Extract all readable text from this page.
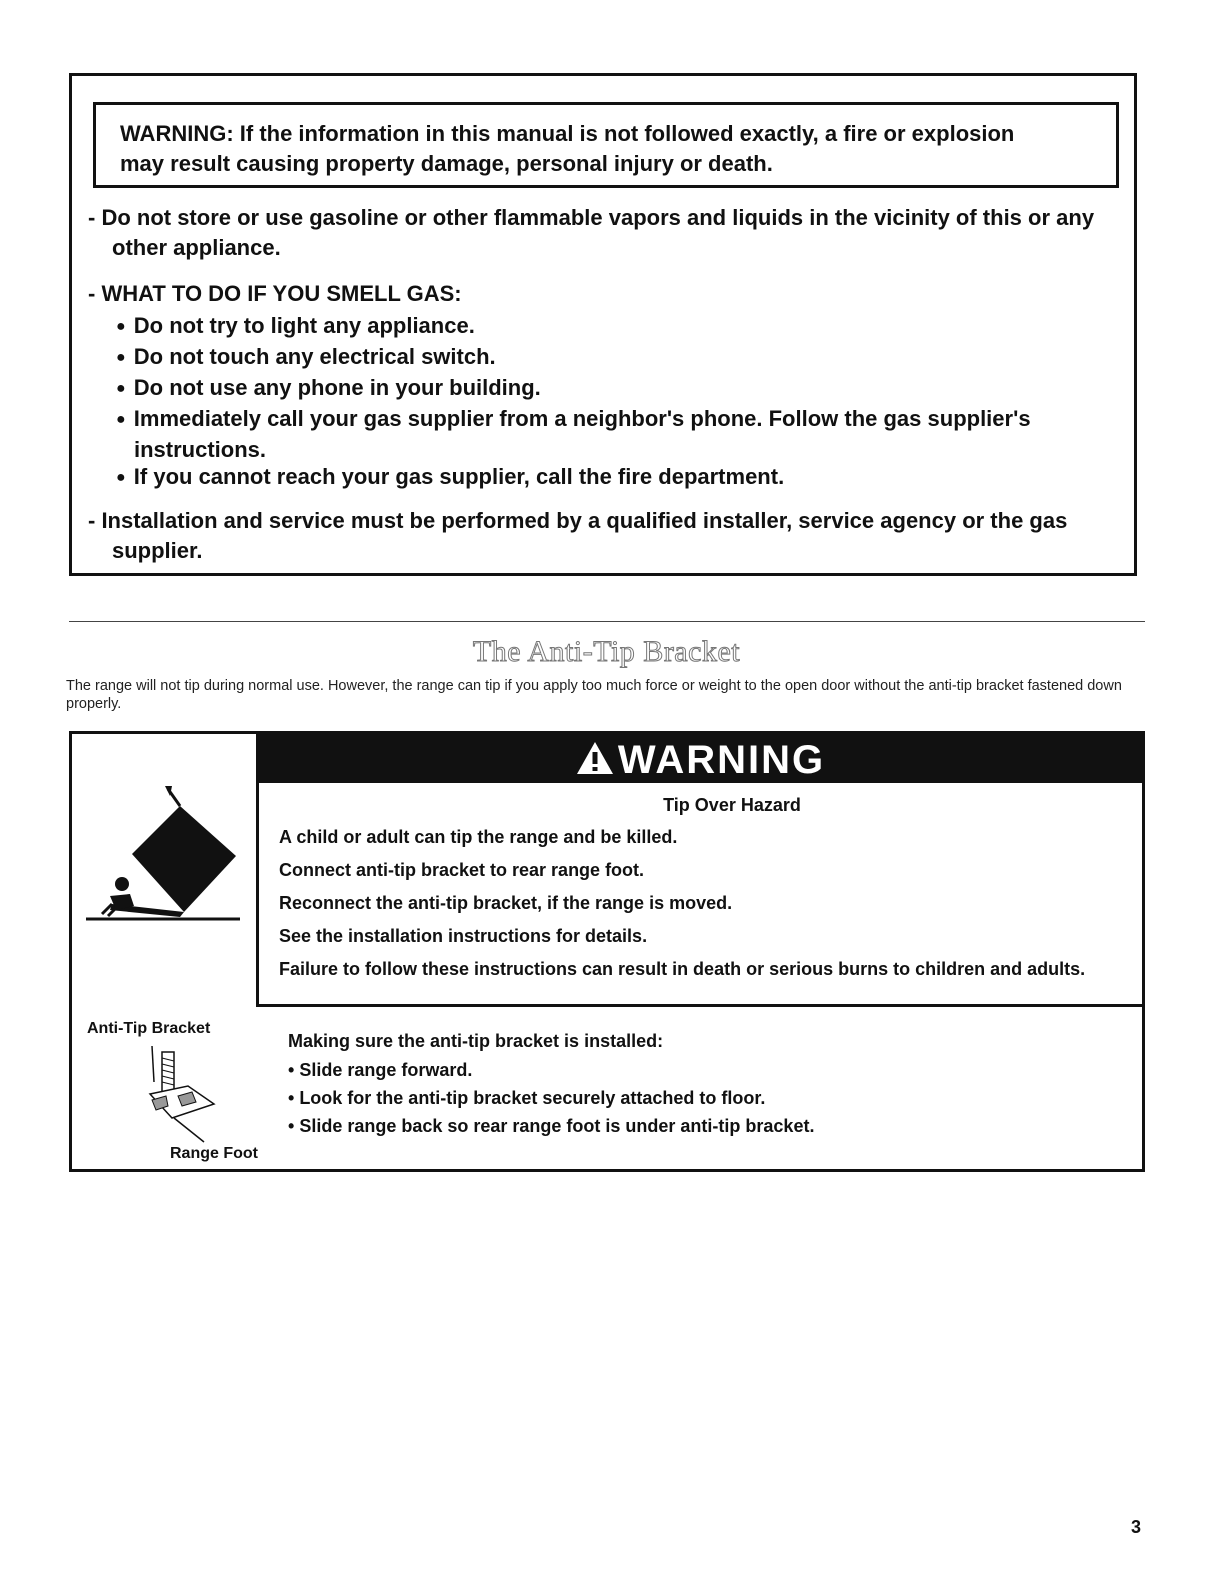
WARNING: If the information in this manual is not followed exactly, a fire or explosion
may result causing property damage, personal injury or death.
- Do not store or use gasoline or other flammable vapors and liquids in the vicinity of this or any other appliance.
- WHAT TO DO IF YOU SMELL GAS:
● Do not try to light any appliance.
● Do not touch any electrical switch.
● Do not use any phone in your building.
● Immediately call your gas supplier from a neighbor's phone. Follow the gas supplier's instructions.
● If you cannot reach your gas supplier, call the fire department.
- Installation and service must be performed by a qualified installer, service agency or the gas supplier.
The Anti-Tip Bracket
The range will not tip during normal use. However, the range can tip if you apply too much force or weight to the open door without the anti-tip bracket fastened down properly.
WARNING
Tip Over Hazard
A child or adult can tip the range and be killed.
Connect anti-tip bracket to rear range foot.
Reconnect the anti-tip bracket, if the range is moved.
See the installation instructions for details.
Failure to follow these instructions can result in death or serious burns to children and adults.
Anti-Tip Bracket
Range Foot
Making sure the anti-tip bracket is installed:
• Slide range forward.
• Look for the anti-tip bracket securely attached to floor.
• Slide range back so rear range foot is under anti-tip bracket.
3
